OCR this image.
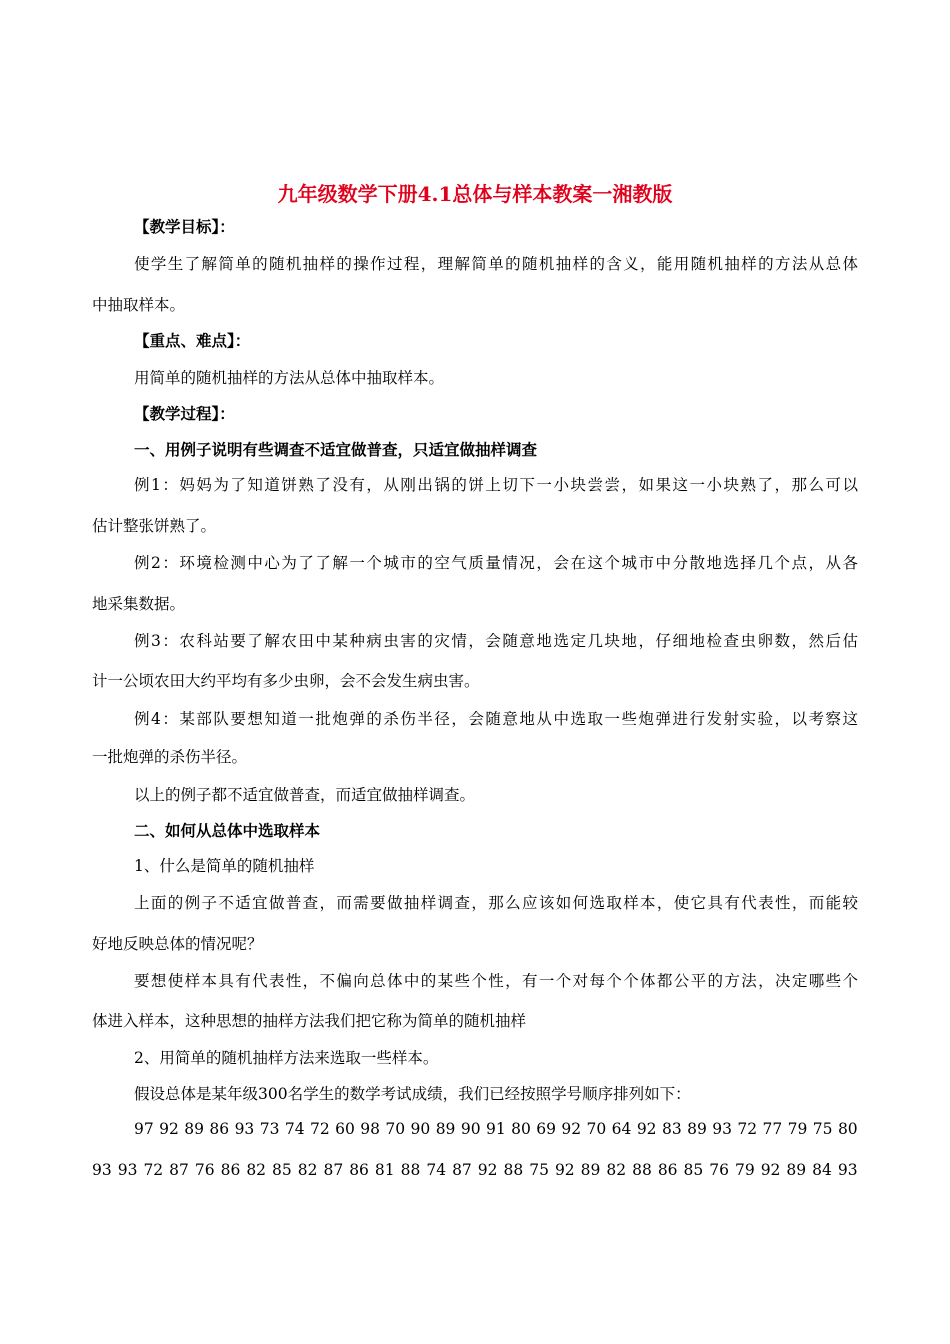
九年级数学下册4.1总体与样本教案一湘教版
【教学目标】：
使学生了解简单的随机抽样的操作过程，理解简单的随机抽样的含义，能用随机抽样的方法从总体
中抽取样本。
【重点、难点】：
用简单的随机抽样的方法从总体中抽取样本。
【教学过程】：
一、用例子说明有些调查不适宜做普查，只适宜做抽样调查
例1：妈妈为了知道饼熟了没有，从刚出锅的饼上切下一小块尝尝，如果这一小块熟了，那么可以
估计整张饼熟了。
例2：环境检测中心为了了解一个城市的空气质量情况，会在这个城市中分散地选择几个点，从各
地采集数据。
例3：农科站要了解农田中某种病虫害的灾情，会随意地选定几块地，仔细地检查虫卵数，然后估
计一公顷农田大约平均有多少虫卵，会不会发生病虫害。
例4：某部队要想知道一批炮弹的杀伤半径，会随意地从中选取一些炮弹进行发射实验，以考察这
一批炮弹的杀伤半径。
以上的例子都不适宜做普查，而适宜做抽样调查。
二、如何从总体中选取样本
1、什么是简单的随机抽样
上面的例子不适宜做普查，而需要做抽样调查，那么应该如何选取样本，使它具有代表性，而能较
好地反映总体的情况呢？
要想使样本具有代表性，不偏向总体中的某些个性，有一个对每个个体都公平的方法，决定哪些个
体进入样本，这种思想的抽样方法我们把它称为简单的随机抽样
2、用简单的随机抽样方法来选取一些样本。
假设总体是某年级300名学生的数学考试成绩，我们已经按照学号顺序排列如下：
97 92 89 86 93 73 74 72 60 98 70 90 89 90 91 80 69 92 70 64 92 83 89 93 72 77 79 75 80
93 93 72 87 76 86 82 85 82 87 86 81 88 74 87 92 88 75 92 89 82 88 86 85 76 79 92 89 84 93
